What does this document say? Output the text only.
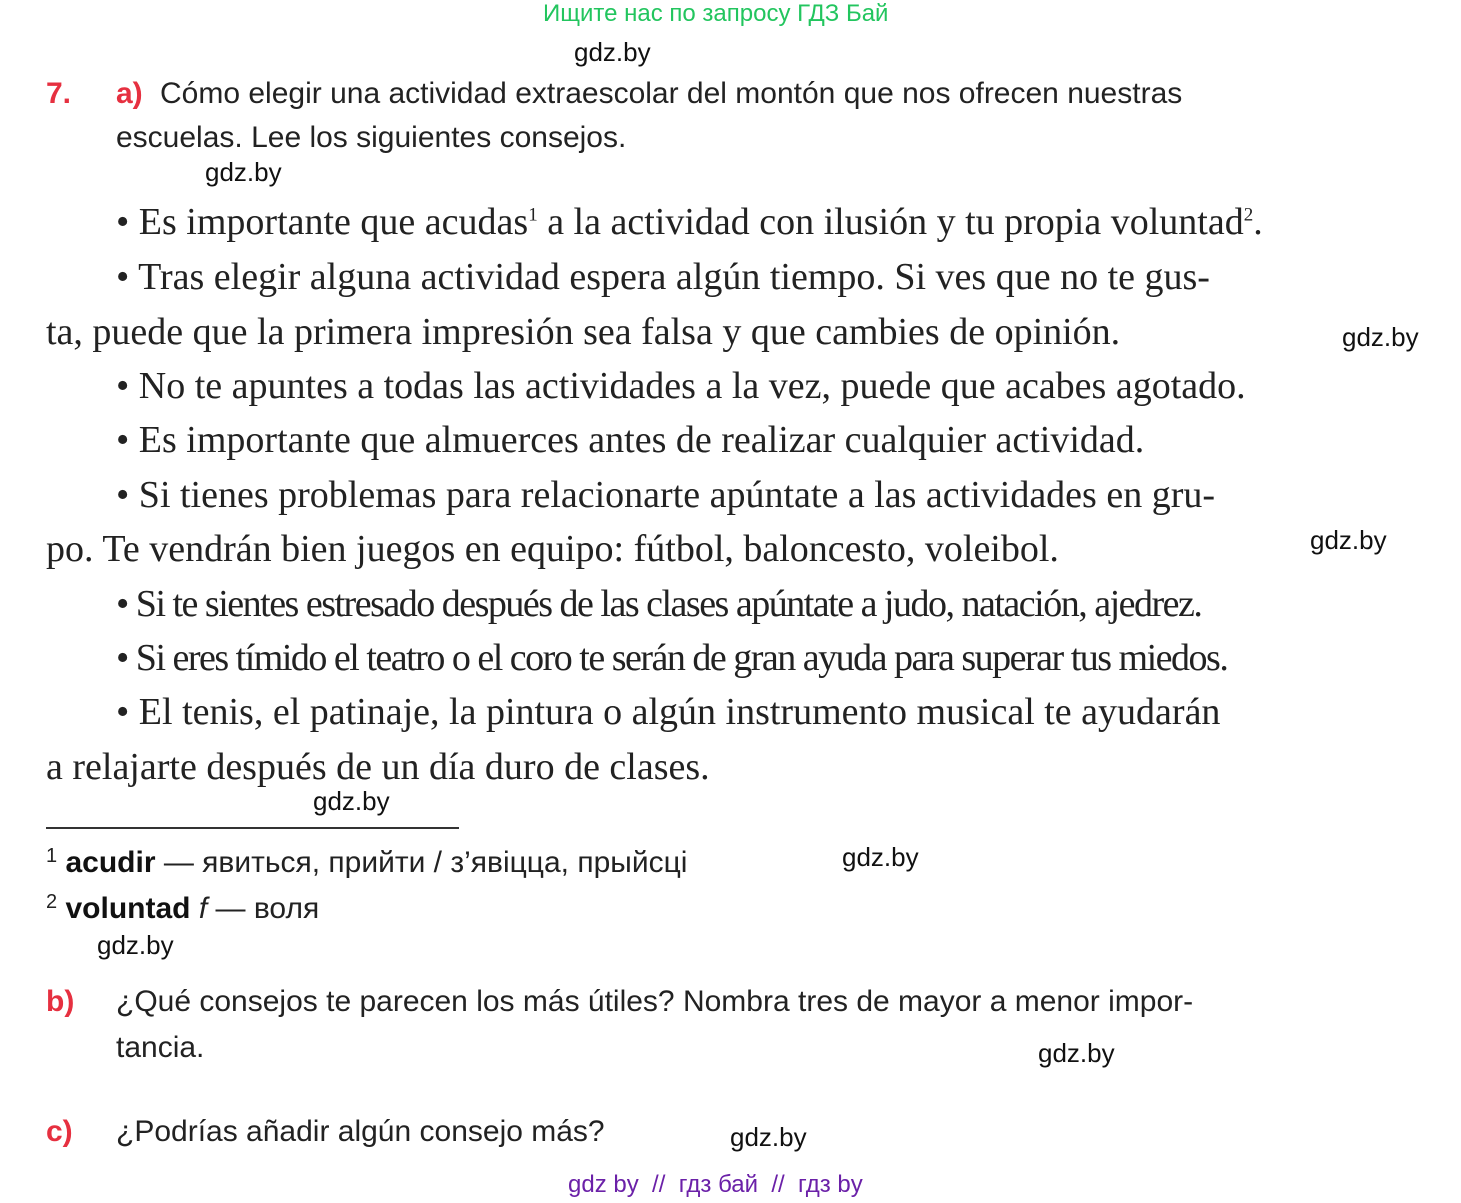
Ищите нас по запросу ГДЗ Бай
gdz.by
gdz.by
gdz.by
gdz.by
gdz.by
gdz.by
gdz.by
gdz.by
gdz.by
7. a) Cómo elegir una actividad extraescolar del montón que nos ofrecen nuestras
escuelas. Lee los siguientes consejos.
• Es importante que acudas$^1$ a la actividad con ilusión y tu propia voluntad$^2$.
• Tras elegir alguna actividad espera algún tiempo. Si ves que no te gus-
ta, puede que la primera impresión sea falsa y que cambies de opinión.
• No te apuntes a todas las actividades a la vez, puede que acabes agotado.
• Es importante que almuerces antes de realizar cualquier actividad.
• Si tienes problemas para relacionarte apúntate a las actividades en gru-
po. Te vendrán bien juegos en equipo: fútbol, baloncesto, voleibol.
• Si te sientes estresado después de las clases apúntate a judo, natación, ajedrez.
• Si eres tímido el teatro o el coro te serán de gran ayuda para superar tus miedos.
• El tenis, el patinaje, la pintura o algún instrumento musical te ayudarán
a relajarte después de un día duro de clases.
$^1$ acudir — явиться, прийти / з’явіцца, прыйсці
$^2$ voluntad f — воля
b) ¿Qué consejos te parecen los más útiles? Nombra tres de mayor a menor impor-
tancia.
c) ¿Podrías añadir algún consejo más?
gdz by  //  гдз бай  //  гдз by
